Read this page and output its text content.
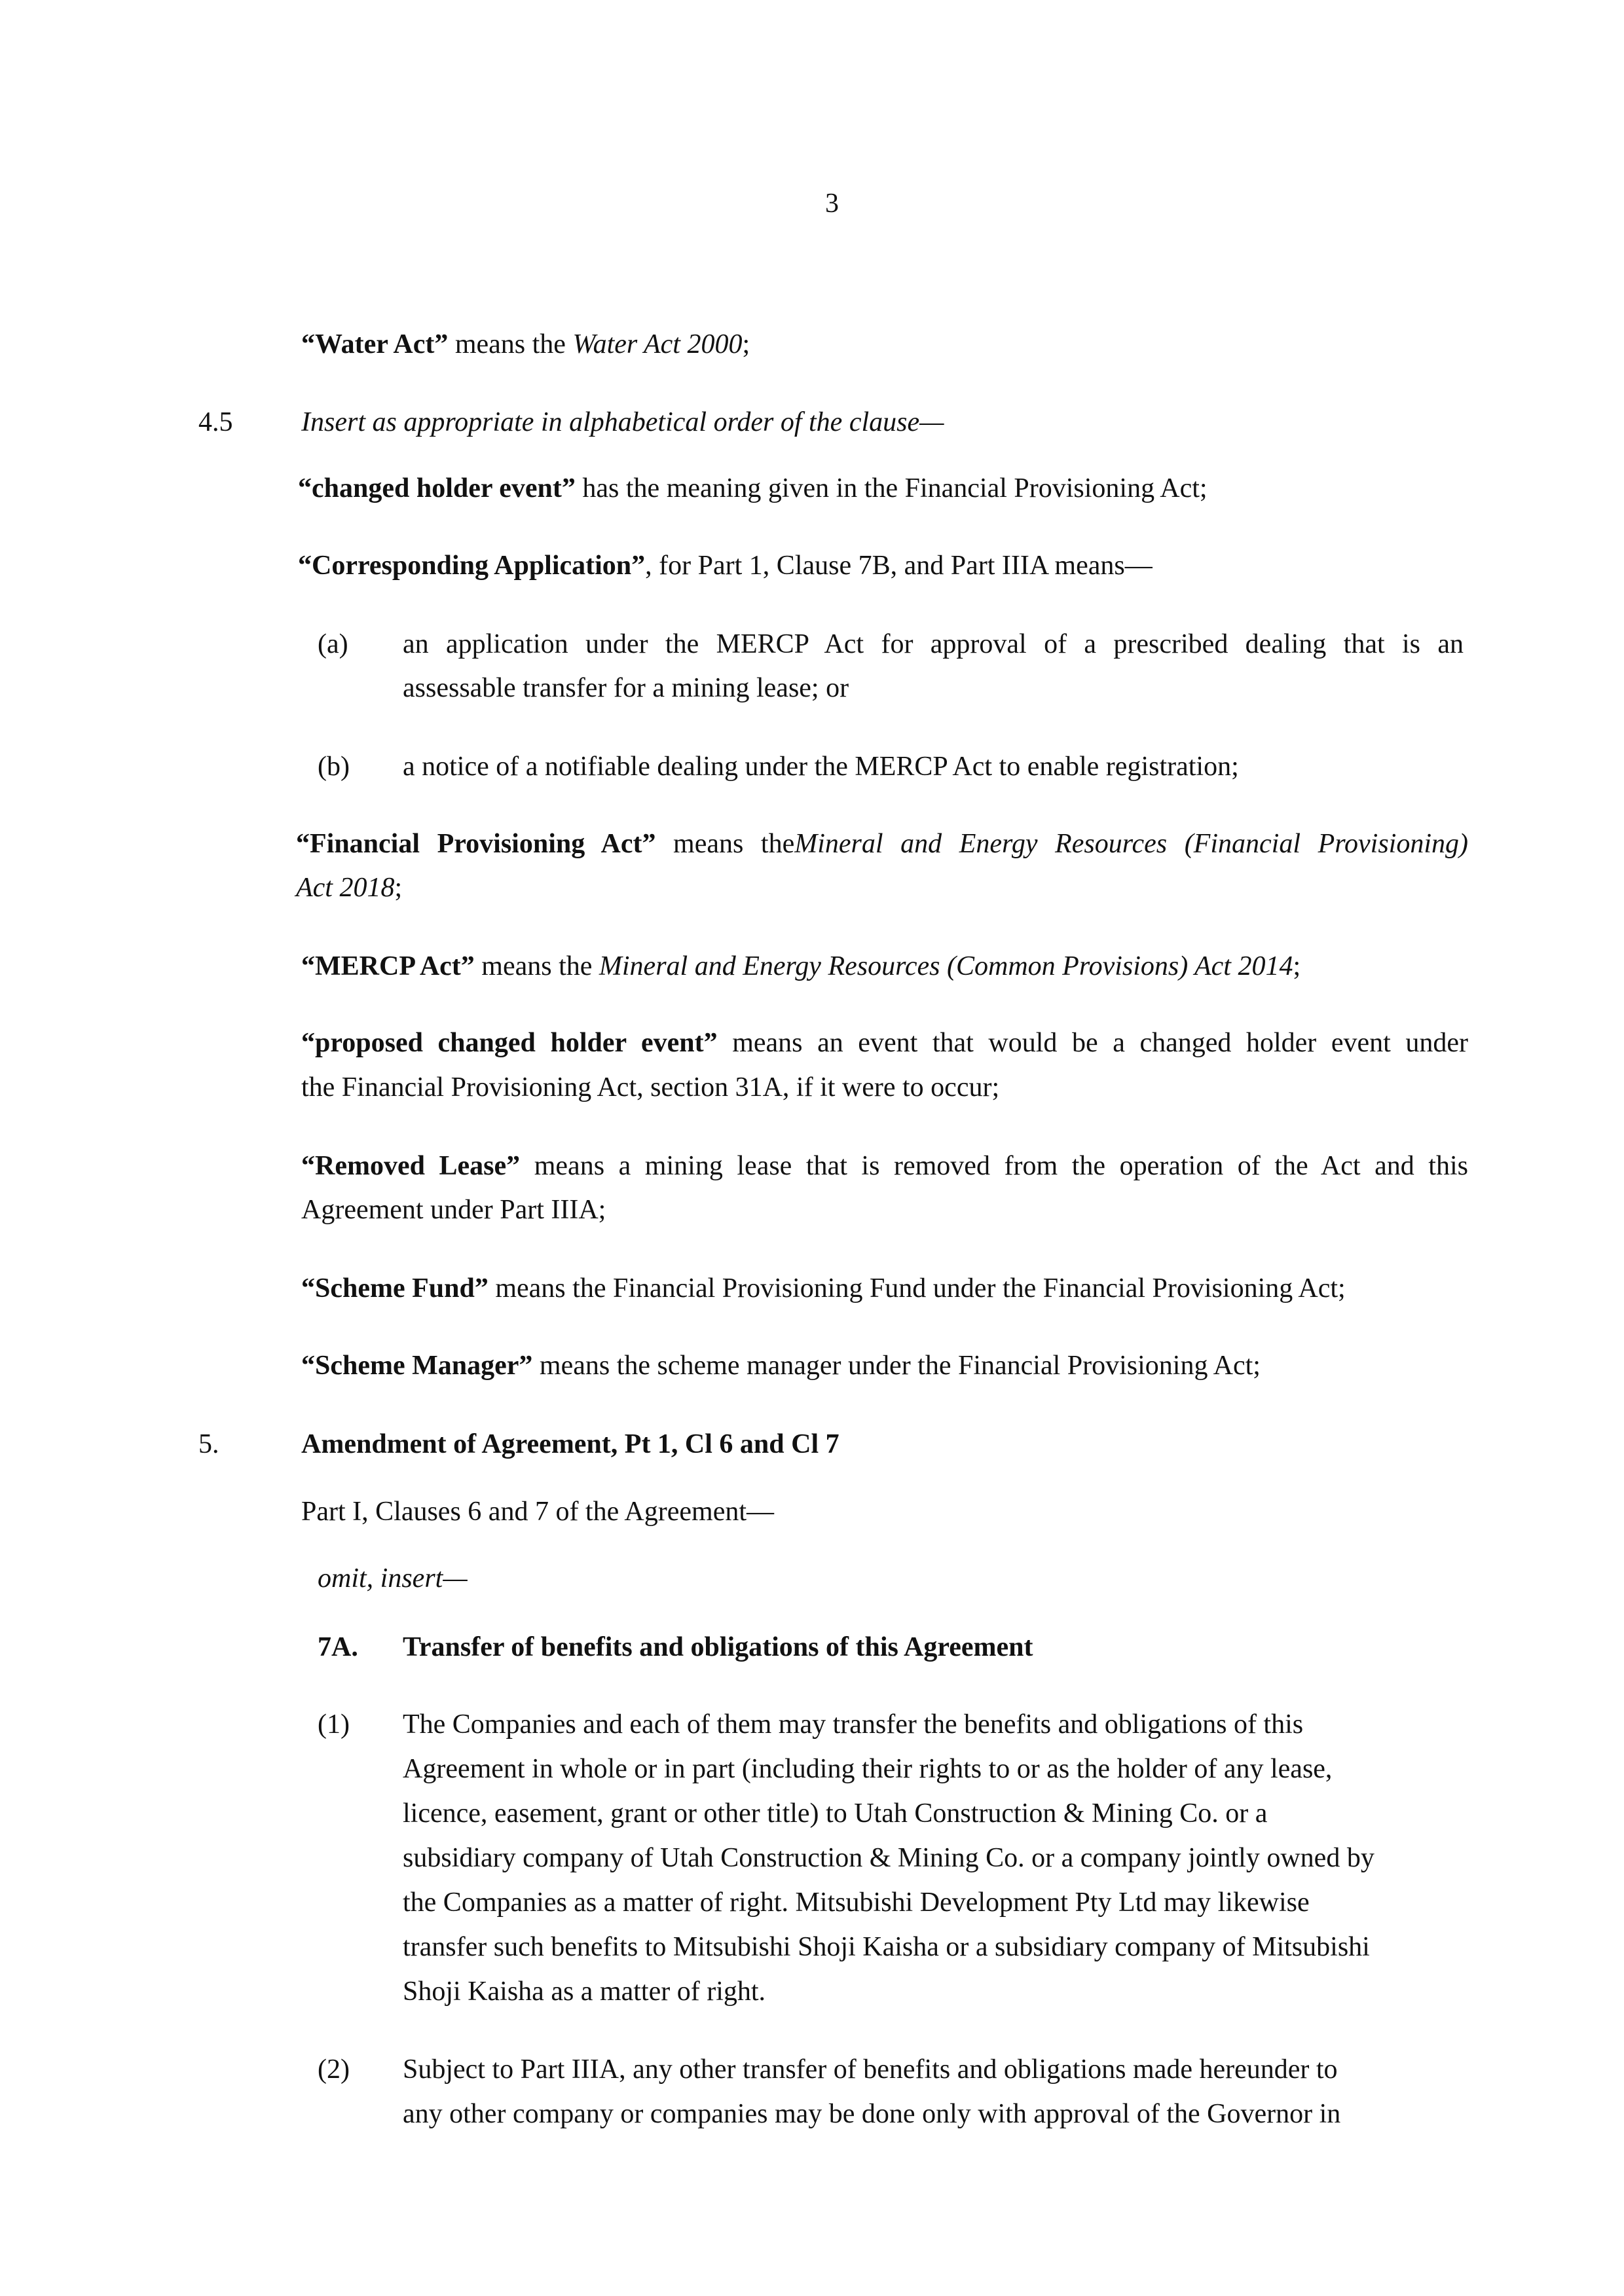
3
“Water Act” means the Water Act 2000;
4.5 Insert as appropriate in alphabetical order of the clause—
“changed holder event” has the meaning given in the Financial Provisioning Act;
“Corresponding Application”, for Part 1, Clause 7B, and Part IIIA means—
(a) an application under the MERCP Act for approval of a prescribed dealing that is an
assessable transfer for a mining lease; or
(b) a notice of a notifiable dealing under the MERCP Act to enable registration;
“Financial Provisioning Act” means theMineral and Energy Resources (Financial Provisioning)
Act 2018;
“MERCP Act” means the Mineral and Energy Resources (Common Provisions) Act 2014;
“proposed changed holder event” means an event that would be a changed holder event under
the Financial Provisioning Act, section 31A, if it were to occur;
“Removed Lease” means a mining lease that is removed from the operation of the Act and this
Agreement under Part IIIA;
“Scheme Fund” means the Financial Provisioning Fund under the Financial Provisioning Act;
“Scheme Manager” means the scheme manager under the Financial Provisioning Act;
5.	Amendment of Agreement, Pt 1, Cl 6 and Cl 7
Part I, Clauses 6 and 7 of the Agreement—
omit, insert—
7A. Transfer of benefits and obligations of this Agreement
(1) The Companies and each of them may transfer the benefits and obligations of this
Agreement in whole or in part (including their rights to or as the holder of any lease,
licence, easement, grant or other title) to Utah Construction & Mining Co. or a
subsidiary company of Utah Construction & Mining Co. or a company jointly owned by
the Companies as a matter of right. Mitsubishi Development Pty Ltd may likewise
transfer such benefits to Mitsubishi Shoji Kaisha or a subsidiary company of Mitsubishi
Shoji Kaisha as a matter of right.
(2) Subject to Part IIIA, any other transfer of benefits and obligations made hereunder to
any other company or companies may be done only with approval of the Governor in
